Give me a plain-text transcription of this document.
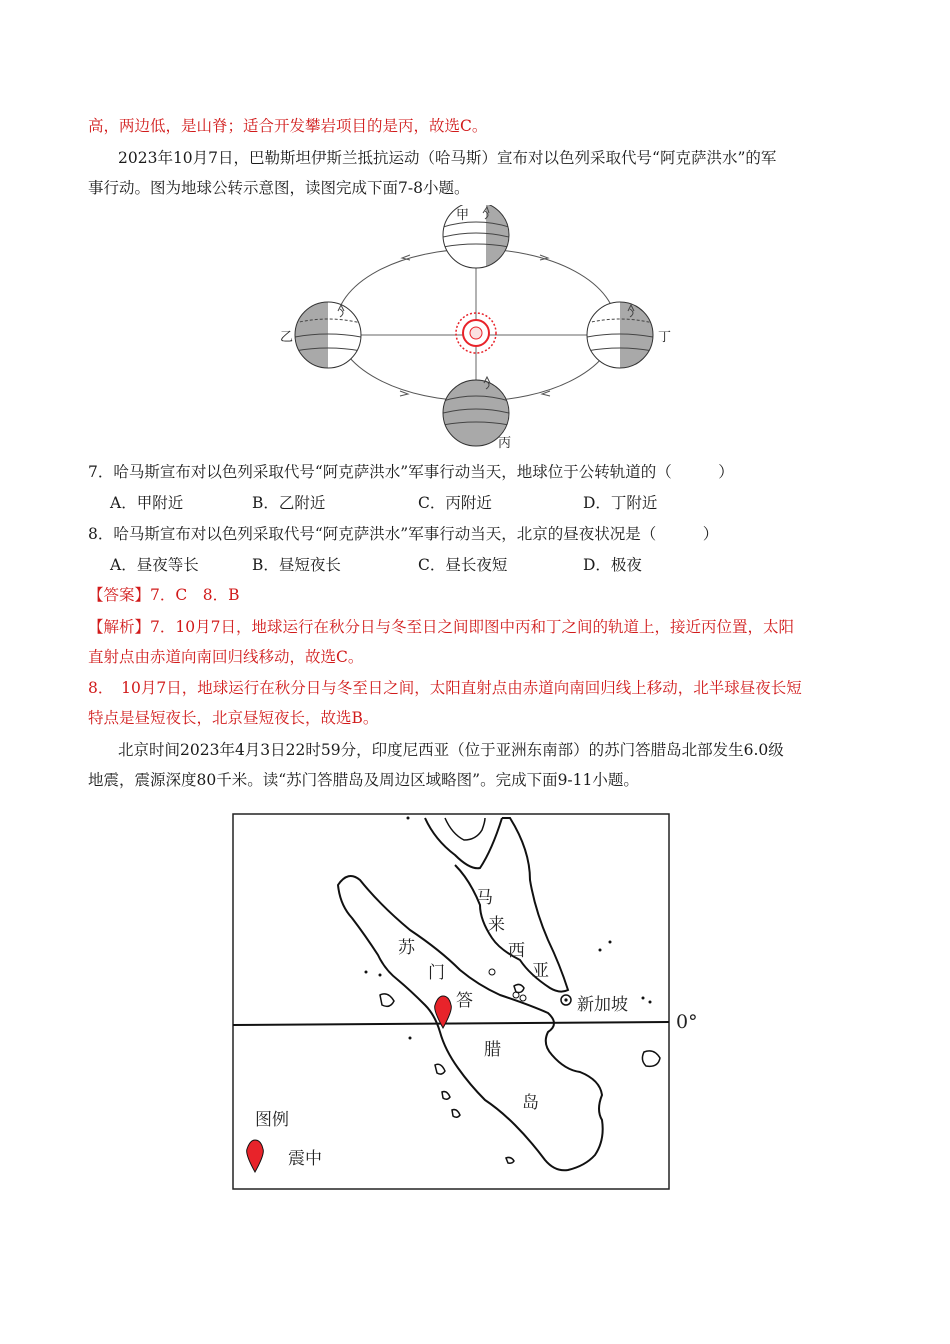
高，两边低，是山脊；适合开发攀岩项目的是丙，故选C。
2023年10月7日，巴勒斯坦伊斯兰抵抗运动（哈马斯）宣布对以色列采取代号“阿克萨洪水”的军
事行动。图为地球公转示意图，读图完成下面7-8小题。
甲
乙	丁
丙
7．哈马斯宣布对以色列采取代号“阿克萨洪水”军事行动当天，地球位于公转轨道的（　　　）
A．甲附近	B．乙附近	C．丙附近	D．丁附近
8．哈马斯宣布对以色列采取代号“阿克萨洪水”军事行动当天，北京的昼夜状况是（　　　）
A．昼夜等长	B．昼短夜长	C．昼长夜短	D．极夜
【答案】7．C　8．B
【解析】7．10月7日，地球运行在秋分日与冬至日之间即图中丙和丁之间的轨道上，接近丙位置，太阳
直射点由赤道向南回归线移动，故选C。
8．　10月7日，地球运行在秋分日与冬至日之间，太阳直射点由赤道向南回归线上移动，北半球昼夜长短
特点是昼短夜长，北京昼短夜长，故选B。
北京时间2023年4月3日22时59分，印度尼西亚（位于亚洲东南部）的苏门答腊岛北部发生6.0级
地震，震源深度80千米。读“苏门答腊岛及周边区域略图”。完成下面9-11小题。
苏
门
答
腊
岛
马
来
西
亚
新加坡
0°
图例
震中
